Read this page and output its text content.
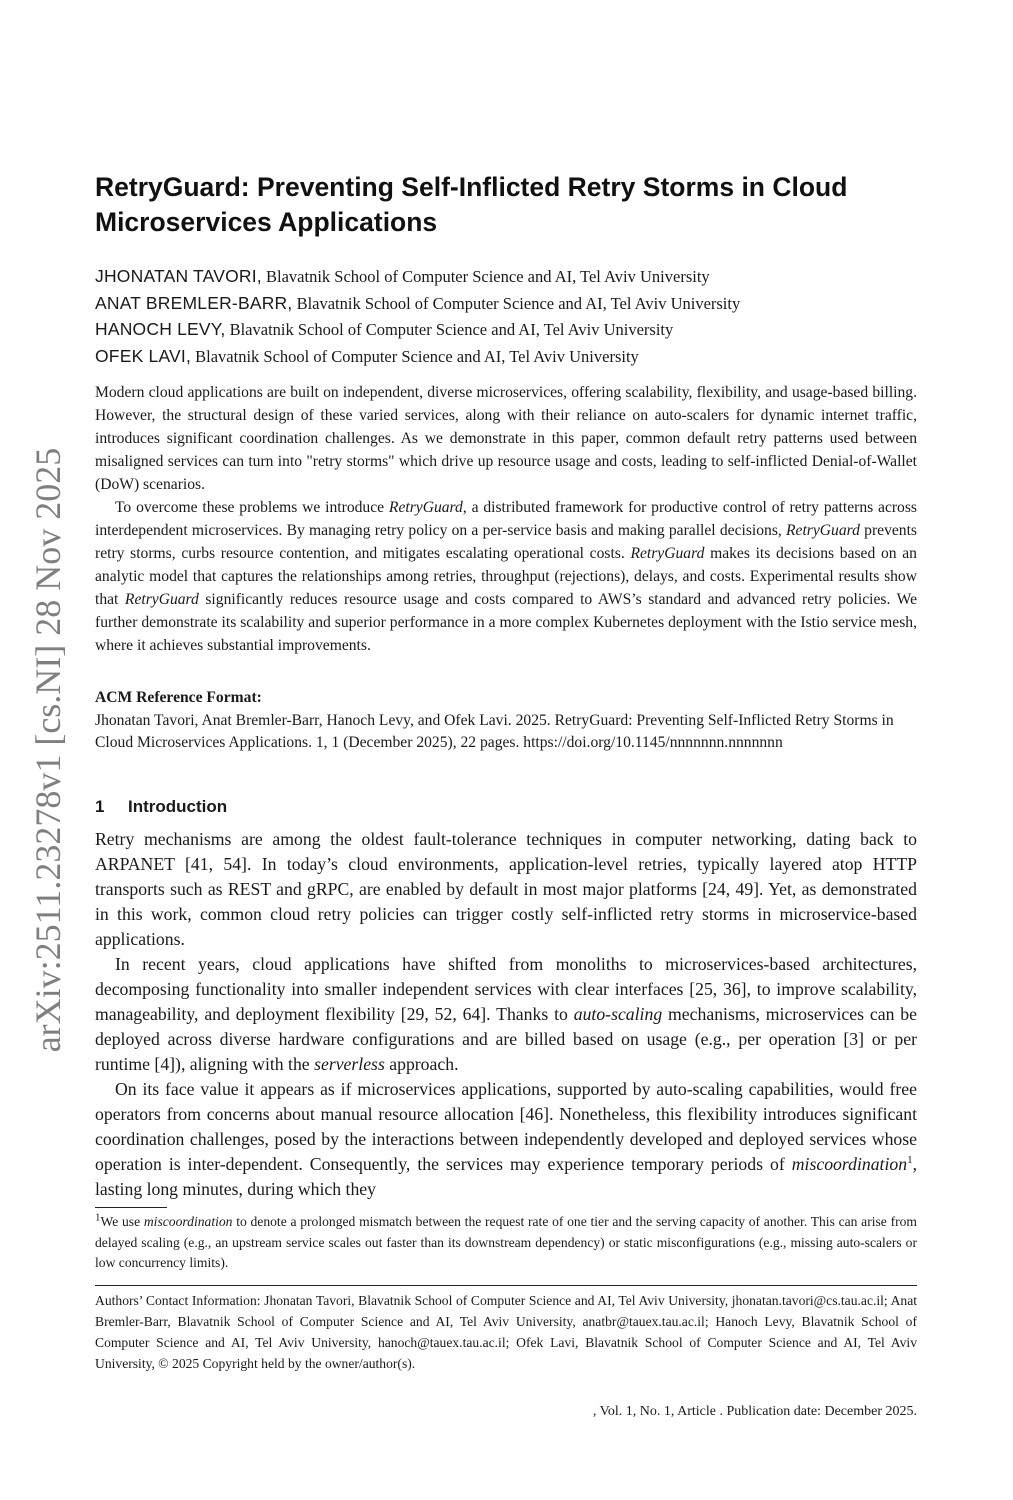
arXiv:2511.23278v1 [cs.NI] 28 Nov 2025
RetryGuard: Preventing Self-Inflicted Retry Storms in Cloud Microservices Applications
JHONATAN TAVORI, Blavatnik School of Computer Science and AI, Tel Aviv University
ANAT BREMLER-BARR, Blavatnik School of Computer Science and AI, Tel Aviv University
HANOCH LEVY, Blavatnik School of Computer Science and AI, Tel Aviv University
OFEK LAVI, Blavatnik School of Computer Science and AI, Tel Aviv University

Modern cloud applications are built on independent, diverse microservices, offering scalability, flexibility, and usage-based billing. However, the structural design of these varied services, along with their reliance on auto-scalers for dynamic internet traffic, introduces significant coordination challenges. As we demonstrate in this paper, common default retry patterns used between misaligned services can turn into "retry storms" which drive up resource usage and costs, leading to self-inflicted Denial-of-Wallet (DoW) scenarios.

To overcome these problems we introduce RetryGuard, a distributed framework for productive control of retry patterns across interdependent microservices. By managing retry policy on a per-service basis and making parallel decisions, RetryGuard prevents retry storms, curbs resource contention, and mitigates escalating operational costs. RetryGuard makes its decisions based on an analytic model that captures the relationships among retries, throughput (rejections), delays, and costs. Experimental results show that RetryGuard significantly reduces resource usage and costs compared to AWS’s standard and advanced retry policies. We further demonstrate its scalability and superior performance in a more complex Kubernetes deployment with the Istio service mesh, where it achieves substantial improvements.

ACM Reference Format:
Jhonatan Tavori, Anat Bremler-Barr, Hanoch Levy, and Ofek Lavi. 2025. RetryGuard: Preventing Self-Inflicted Retry Storms in Cloud Microservices Applications. 1, 1 (December 2025), 22 pages. https://doi.org/10.1145/nnnnnnn.nnnnnnn
1 Introduction

Retry mechanisms are among the oldest fault-tolerance techniques in computer networking, dating back to ARPANET [41, 54]. In today’s cloud environments, application-level retries, typically layered atop HTTP transports such as REST and gRPC, are enabled by default in most major platforms [24, 49]. Yet, as demonstrated in this work, common cloud retry policies can trigger costly self-inflicted retry storms in microservice-based applications.

In recent years, cloud applications have shifted from monoliths to microservices-based architectures, decomposing functionality into smaller independent services with clear interfaces [25, 36], to improve scalability, manageability, and deployment flexibility [29, 52, 64]. Thanks to auto-scaling mechanisms, microservices can be deployed across diverse hardware configurations and are billed based on usage (e.g., per operation [3] or per runtime [4]), aligning with the serverless approach.

On its face value it appears as if microservices applications, supported by auto-scaling capabilities, would free operators from concerns about manual resource allocation [46]. Nonetheless, this flexibility introduces significant coordination challenges, posed by the interactions between independently developed and deployed services whose operation is inter-dependent. Consequently, the services may experience temporary periods of miscoordination$^1$, lasting long minutes, during which they

$^1$We use miscoordination to denote a prolonged mismatch between the request rate of one tier and the serving capacity of another. This can arise from delayed scaling (e.g., an upstream service scales out faster than its downstream dependency) or static misconfigurations (e.g., missing auto-scalers or low concurrency limits).
Authors’ Contact Information: Jhonatan Tavori, Blavatnik School of Computer Science and AI, Tel Aviv University, jhonatan.tavori@cs.tau.ac.il; Anat Bremler-Barr, Blavatnik School of Computer Science and AI, Tel Aviv University, anatbr@tauex.tau.ac.il; Hanoch Levy, Blavatnik School of Computer Science and AI, Tel Aviv University, hanoch@tauex.tau.ac.il; Ofek Lavi, Blavatnik School of Computer Science and AI, Tel Aviv University, © 2025 Copyright held by the owner/author(s).
, Vol. 1, No. 1, Article . Publication date: December 2025.
